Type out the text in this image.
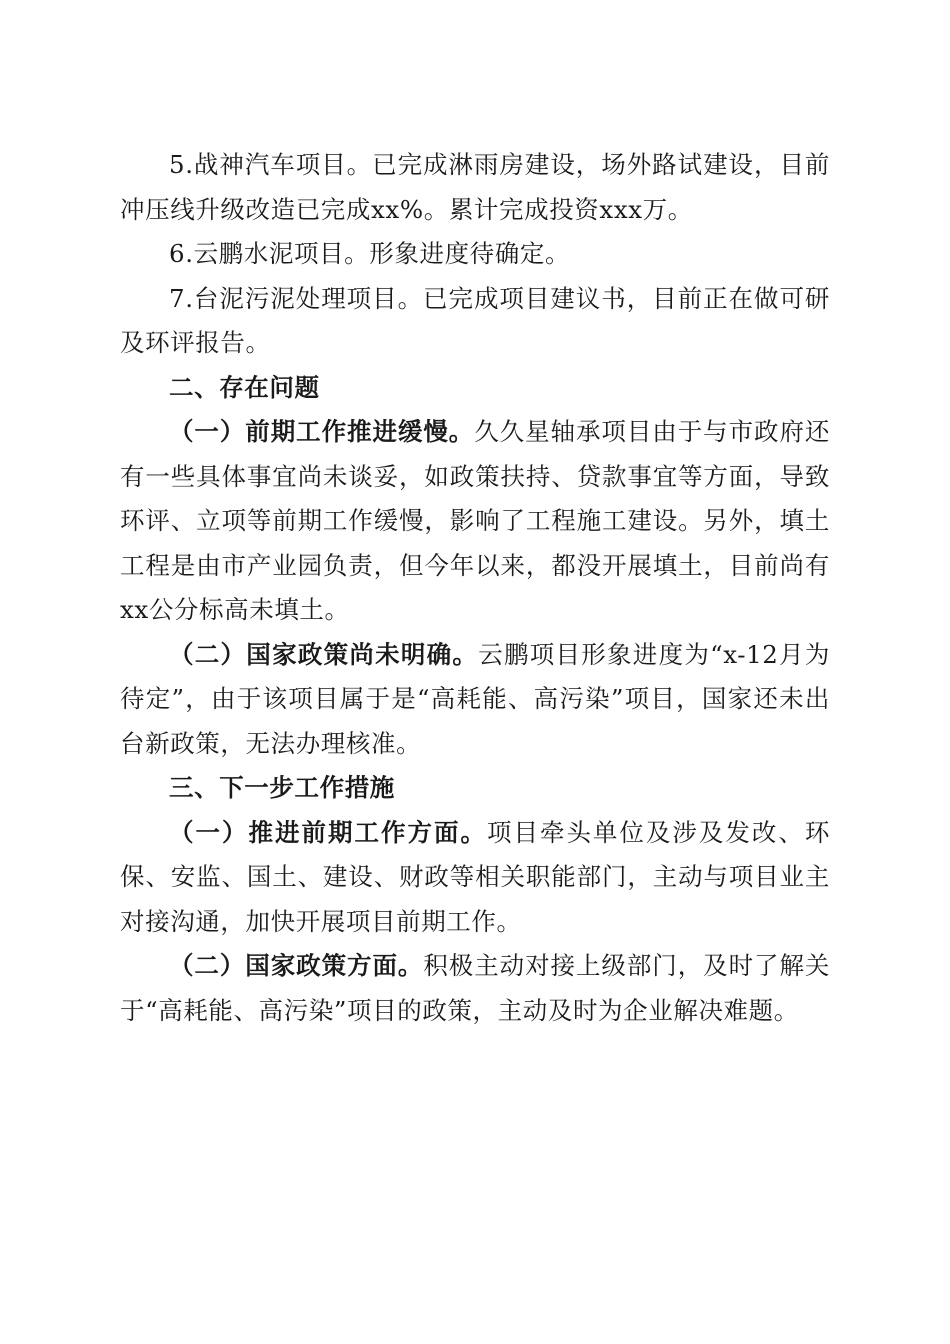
5.战神汽车项目。已完成淋雨房建设，场外路试建设，目前冲压线升级改造已完成xx%。累计完成投资xxx万。

6.云鹏水泥项目。形象进度待确定。

7.台泥污泥处理项目。已完成项目建议书，目前正在做可研及环评报告。

二、存在问题

（一）前期工作推进缓慢。久久星轴承项目由于与市政府还有一些具体事宜尚未谈妥，如政策扶持、贷款事宜等方面，导致环评、立项等前期工作缓慢，影响了工程施工建设。另外，填土工程是由市产业园负责，但今年以来，都没开展填土，目前尚有xx公分标高未填土。

（二）国家政策尚未明确。云鹏项目形象进度为“x-12月为待定”，由于该项目属于是“高耗能、高污染”项目，国家还未出台新政策，无法办理核准。

三、下一步工作措施

（一）推进前期工作方面。项目牵头单位及涉及发改、环保、安监、国土、建设、财政等相关职能部门，主动与项目业主对接沟通，加快开展项目前期工作。

（二）国家政策方面。积极主动对接上级部门，及时了解关于“高耗能、高污染”项目的政策，主动及时为企业解决难题。
